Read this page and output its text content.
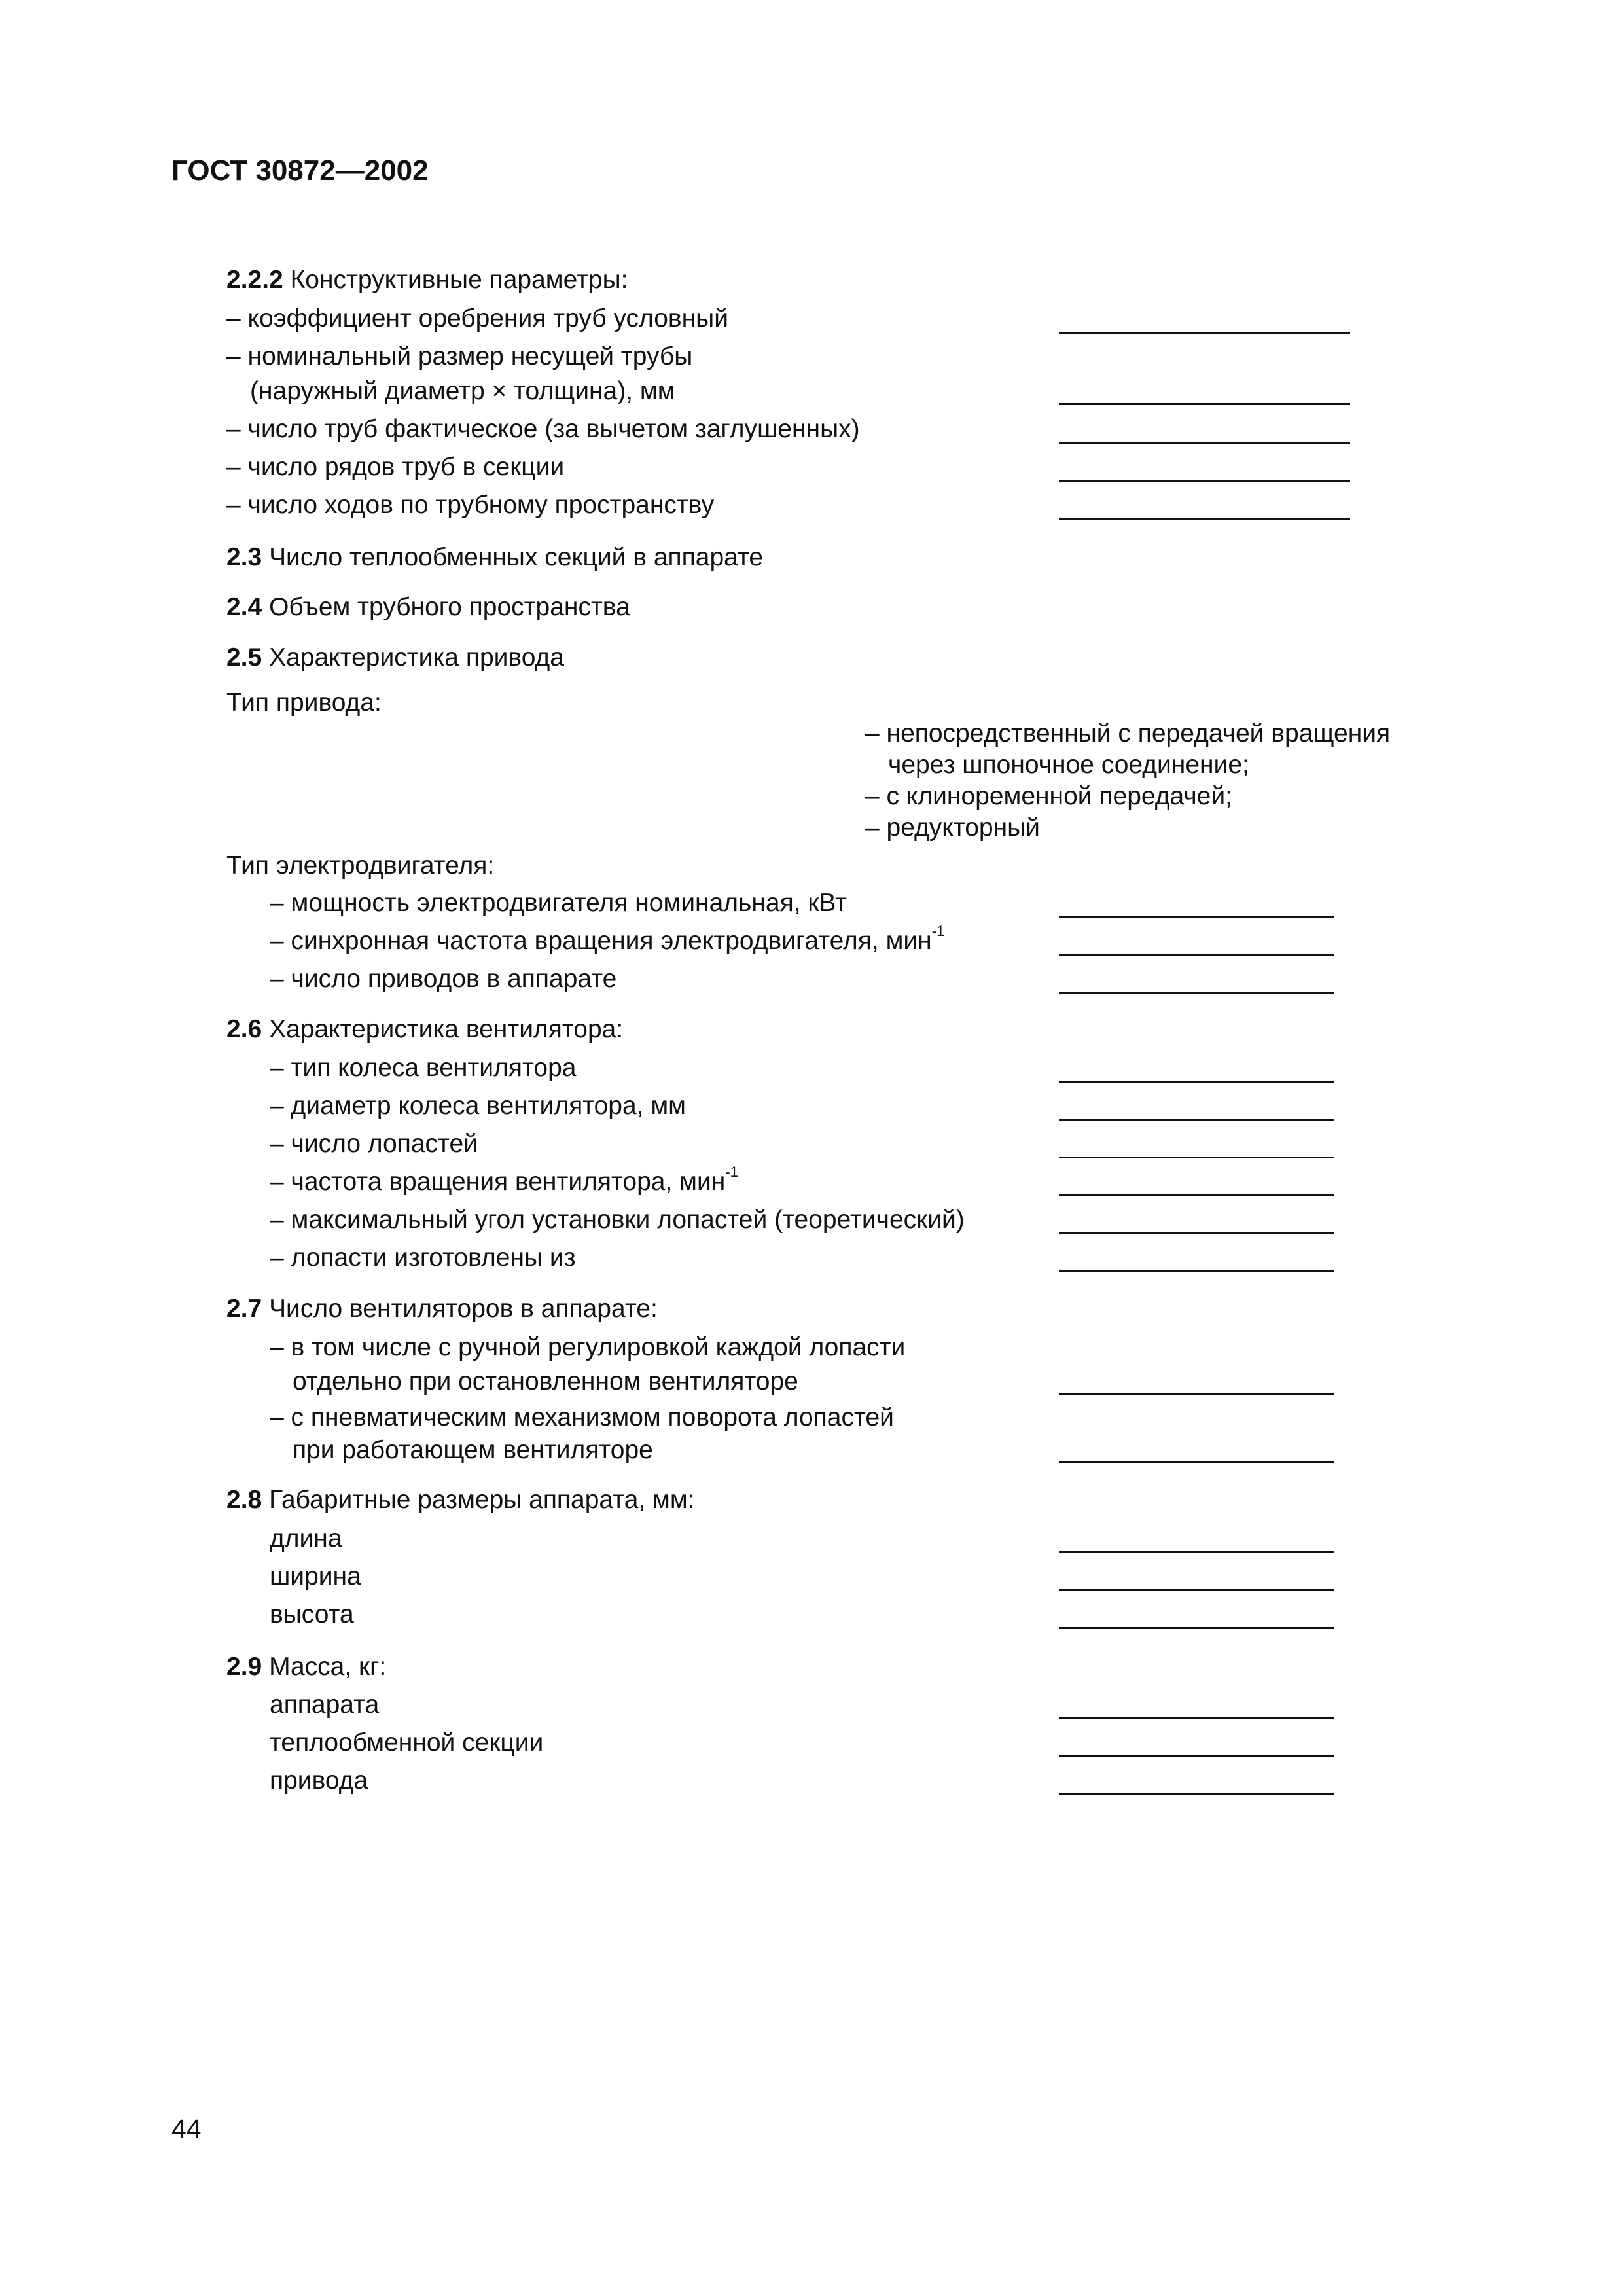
ГОСТ 30872—2002
2.2.2 Конструктивные параметры:
– коэффициент оребрения труб условный
– номинальный размер несущей трубы
(наружный диаметр × толщина), мм
– число труб фактическое (за вычетом заглушенных)
– число рядов труб в секции
– число ходов по трубному пространству
2.3 Число теплообменных секций в аппарате
2.4 Объем трубного пространства
2.5 Характеристика привода
Тип привода:
– непосредственный с передачей вращения
через шпоночное соединение;
– с клиноременной передачей;
– редукторный
Тип электродвигателя:
– мощность электродвигателя номинальная, кВт
– синхронная частота вращения электродвигателя, мин$^{-1}$
– число приводов в аппарате
2.6 Характеристика вентилятора:
– тип колеса вентилятора
– диаметр колеса вентилятора, мм
– число лопастей
– частота вращения вентилятора, мин$^{-1}$
– максимальный угол установки лопастей (теоретический)
– лопасти изготовлены из
2.7 Число вентиляторов в аппарате:
– в том числе с ручной регулировкой каждой лопасти
отдельно при остановленном вентиляторе
– с пневматическим механизмом поворота лопастей
при работающем вентиляторе
2.8 Габаритные размеры аппарата, мм:
длина
ширина
высота
2.9 Масса, кг:
аппарата
теплообменной секции
привода
44
